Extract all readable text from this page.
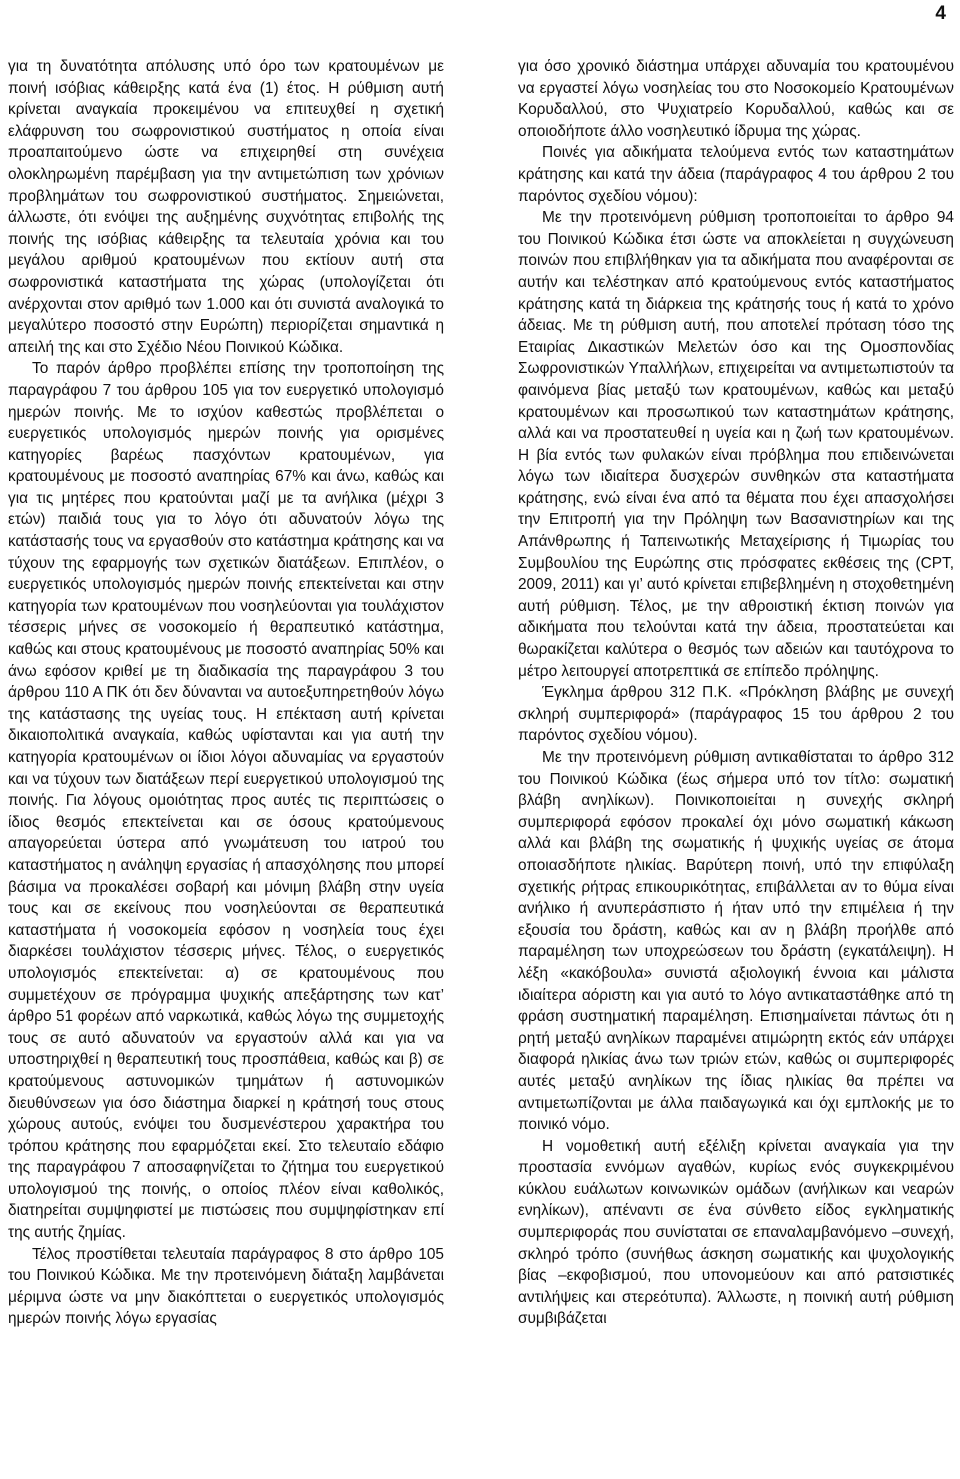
4

για τη δυνατότητα απόλυσης υπό όρο των κρατουμένων με ποινή ισόβιας κάθειρξης κατά ένα (1) έτος. Η ρύθμιση αυτή κρίνεται αναγκαία προκειμένου να επιτευχθεί η σχετική ελάφρυνση του σωφρονιστικού συστήματος η οποία είναι προαπαιτούμενο ώστε να επιχειρηθεί στη συνέχεια ολοκληρωμένη παρέμβαση για την αντιμετώπιση των χρόνιων προβλημάτων του σωφρονιστικού συστήματος. Σημειώνεται, άλλωστε, ότι ενόψει της αυξημένης συχνότητας επιβολής της ποινής της ισόβιας κάθειρξης τα τελευταία χρόνια και του μεγάλου αριθμού κρατουμένων που εκτίουν αυτή στα σωφρονιστικά καταστήματα της χώρας (υπολογίζεται ότι ανέρχονται στον αριθμό των 1.000 και ότι συνιστά αναλογικά το μεγαλύτερο ποσοστό στην Ευρώπη) περιορίζεται σημαντικά η απειλή της και στο Σχέδιο Νέου Ποινικού Κώδικα.

Το παρόν άρθρο προβλέπει επίσης την τροποποίηση της παραγράφου 7 του άρθρου 105 για τον ευεργετικό υπολογισμό ημερών ποινής. Με το ισχύον καθεστώς προβλέπεται ο ευεργετικός υπολογισμός ημερών ποινής για ορισμένες κατηγορίες βαρέως πασχόντων κρατουμένων, για κρατουμένους με ποσοστό αναπηρίας 67% και άνω, καθώς και για τις μητέρες που κρατούνται μαζί με τα ανήλικα (μέχρι 3 ετών) παιδιά τους για το λόγο ότι αδυνατούν λόγω της κατάστασής τους να εργασθούν στο κατάστημα κράτησης και να τύχουν της εφαρμογής των σχετικών διατάξεων. Επιπλέον, ο ευεργετικός υπολογισμός ημερών ποινής επεκτείνεται και στην κατηγορία των κρατουμένων που νοσηλεύονται για τουλάχιστον τέσσερις μήνες σε νοσοκομείο ή θεραπευτικό κατάστημα, καθώς και στους κρατουμένους με ποσοστό αναπηρίας 50% και άνω εφόσον κριθεί με τη διαδικασία της παραγράφου 3 του άρθρου 110 Α ΠΚ ότι δεν δύνανται να αυτοεξυπηρετηθούν λόγω της κατάστασης της υγείας τους. Η επέκταση αυτή κρίνεται δικαιοπολιτικά αναγκαία, καθώς υφίστανται και για αυτή την κατηγορία κρατουμένων οι ίδιοι λόγοι αδυναμίας να εργαστούν και να τύχουν των διατάξεων περί ευεργετικού υπολογισμού της ποινής. Για λόγους ομοιότητας προς αυτές τις περιπτώσεις ο ίδιος θεσμός επεκτείνεται και σε όσους κρατούμενους απαγορεύεται ύστερα από γνωμάτευση του ιατρού του καταστήματος η ανάληψη εργασίας ή απασχόλησης που μπορεί βάσιμα να προκαλέσει σοβαρή και μόνιμη βλάβη στην υγεία τους και σε εκείνους που νοσηλεύονται σε θεραπευτικά καταστήματα ή νοσοκομεία εφόσον η νοσηλεία τους έχει διαρκέσει τουλάχιστον τέσσερις μήνες. Τέλος, ο ευεργετικός υπολογισμός επεκτείνεται: α) σε κρατουμένους που συμμετέχουν σε πρόγραμμα ψυχικής απεξάρτησης των κατ’ άρθρο 51 φορέων από ναρκωτικά, καθώς λόγω της συμμετοχής τους σε αυτό αδυνατούν να εργαστούν αλλά και για να υποστηριχθεί η θεραπευτική τους προσπάθεια, καθώς και β) σε κρατούμενους αστυνομικών τμημάτων ή αστυνομικών διευθύνσεων για όσο διάστημα διαρκεί η κράτησή τους στους χώρους αυτούς, ενόψει του δυσμενέστερου χαρακτήρα του τρόπου κράτησης που εφαρμόζεται εκεί. Στο τελευταίο εδάφιο της παραγράφου 7 αποσαφηνίζεται το ζήτημα του ευεργετικού υπολογισμού της ποινής, ο οποίος πλέον είναι καθολικός, διατηρείται συμψηφιστεί με πιστώσεις που συμψηφίστηκαν επί της αυτής ζημίας.

Τέλος προστίθεται τελευταία παράγραφος 8 στο άρθρο 105 του Ποινικού Κώδικα. Με την προτεινόμενη διάταξη λαμβάνεται μέριμνα ώστε να μην διακόπτεται ο ευεργετικός υπολογισμός ημερών ποινής λόγω εργασίας

για όσο χρονικό διάστημα υπάρχει αδυναμία του κρατουμένου να εργαστεί λόγω νοσηλείας του στο Νοσοκομείο Κρατουμένων Κορυδαλλού, στο Ψυχιατρείο Κορυδαλλού, καθώς και σε οποιοδήποτε άλλο νοσηλευτικό ίδρυμα της χώρας.

Ποινές για αδικήματα τελούμενα εντός των καταστημάτων κράτησης και κατά την άδεια (παράγραφος 4 του άρθρου 2 του παρόντος σχεδίου νόμου):

Με την προτεινόμενη ρύθμιση τροποποιείται το άρθρο 94 του Ποινικού Κώδικα έτσι ώστε να αποκλείεται η συγχώνευση ποινών που επιβλήθηκαν για τα αδικήματα που αναφέρονται σε αυτήν και τελέστηκαν από κρατούμενους εντός καταστήματος κράτησης κατά τη διάρκεια της κράτησής τους ή κατά το χρόνο άδειας. Με τη ρύθμιση αυτή, που αποτελεί πρόταση τόσο της Εταιρίας Δικαστικών Μελετών όσο και της Ομοσπονδίας Σωφρονιστικών Υπαλλήλων, επιχειρείται να αντιμετωπιστούν τα φαινόμενα βίας μεταξύ των κρατουμένων, καθώς και μεταξύ κρατουμένων και προσωπικού των καταστημάτων κράτησης, αλλά και να προστατευθεί η υγεία και η ζωή των κρατουμένων. Η βία εντός των φυλακών είναι πρόβλημα που επιδεινώνεται λόγω των ιδιαίτερα δυσχερών συνθηκών στα καταστήματα κράτησης, ενώ είναι ένα από τα θέματα που έχει απασχολήσει την Επιτροπή για την Πρόληψη των Βασανιστηρίων και της Απάνθρωπης ή Ταπεινωτικής Μεταχείρισης ή Τιμωρίας του Συμβουλίου της Ευρώπης στις πρόσφατες εκθέσεις της (CPT, 2009, 2011) και γι’ αυτό κρίνεται επιβεβλημένη η στοχοθετημένη αυτή ρύθμιση. Τέλος, με την αθροιστική έκτιση ποινών για αδικήματα που τελούνται κατά την άδεια, προστατεύεται και θωρακίζεται καλύτερα ο θεσμός των αδειών και ταυτόχρονα το μέτρο λειτουργεί αποτρεπτικά σε επίπεδο πρόληψης.

Έγκλημα άρθρου 312 Π.Κ. «Πρόκληση βλάβης με συνεχή σκληρή συμπεριφορά» (παράγραφος 15 του άρθρου 2 του παρόντος σχεδίου νόμου).

Με την προτεινόμενη ρύθμιση αντικαθίσταται το άρθρο 312 του Ποινικού Κώδικα (έως σήμερα υπό τον τίτλο: σωματική βλάβη ανηλίκων). Ποινικοποιείται η συνεχής σκληρή συμπεριφορά εφόσον προκαλεί όχι μόνο σωματική κάκωση αλλά και βλάβη της σωματικής ή ψυχικής υγείας σε άτομα οποιασδήποτε ηλικίας. Βαρύτερη ποινή, υπό την επιφύλαξη σχετικής ρήτρας επικουρικότητας, επιβάλλεται αν το θύμα είναι ανήλικο ή ανυπεράσπιστο ή ήταν υπό την επιμέλεια ή την εξουσία του δράστη, καθώς και αν η βλάβη προήλθε από παραμέληση των υποχρεώσεων του δράστη (εγκατάλειψη). Η λέξη «κακόβουλα» συνιστά αξιολογική έννοια και μάλιστα ιδιαίτερα αόριστη και για αυτό το λόγο αντικαταστάθηκε από τη φράση συστηματική παραμέληση. Επισημαίνεται πάντως ότι η ρητή μεταξύ ανηλίκων παραμένει ατιμώρητη εκτός εάν υπάρχει διαφορά ηλικίας άνω των τριών ετών, καθώς οι συμπεριφορές αυτές μεταξύ ανηλίκων της ίδιας ηλικίας θα πρέπει να αντιμετωπίζονται με άλλα παιδαγωγικά και όχι εμπλοκής με το ποινικό νόμο.

Η νομοθετική αυτή εξέλιξη κρίνεται αναγκαία για την προστασία εννόμων αγαθών, κυρίως ενός συγκεκριμένου κύκλου ευάλωτων κοινωνικών ομάδων (ανήλικων και νεαρών ενηλίκων), απέναντι σε ένα σύνθετο είδος εγκληματικής συμπεριφοράς που συνίσταται σε επαναλαμβανόμενο –συνεχή, σκληρό τρόπο (συνήθως άσκηση σωματικής και ψυχολογικής βίας –εκφοβισμού, που υπονομεύουν και από ρατσιστικές αντιλήψεις και στερεότυπα). Άλλωστε, η ποινική αυτή ρύθμιση συμβιβάζεται
